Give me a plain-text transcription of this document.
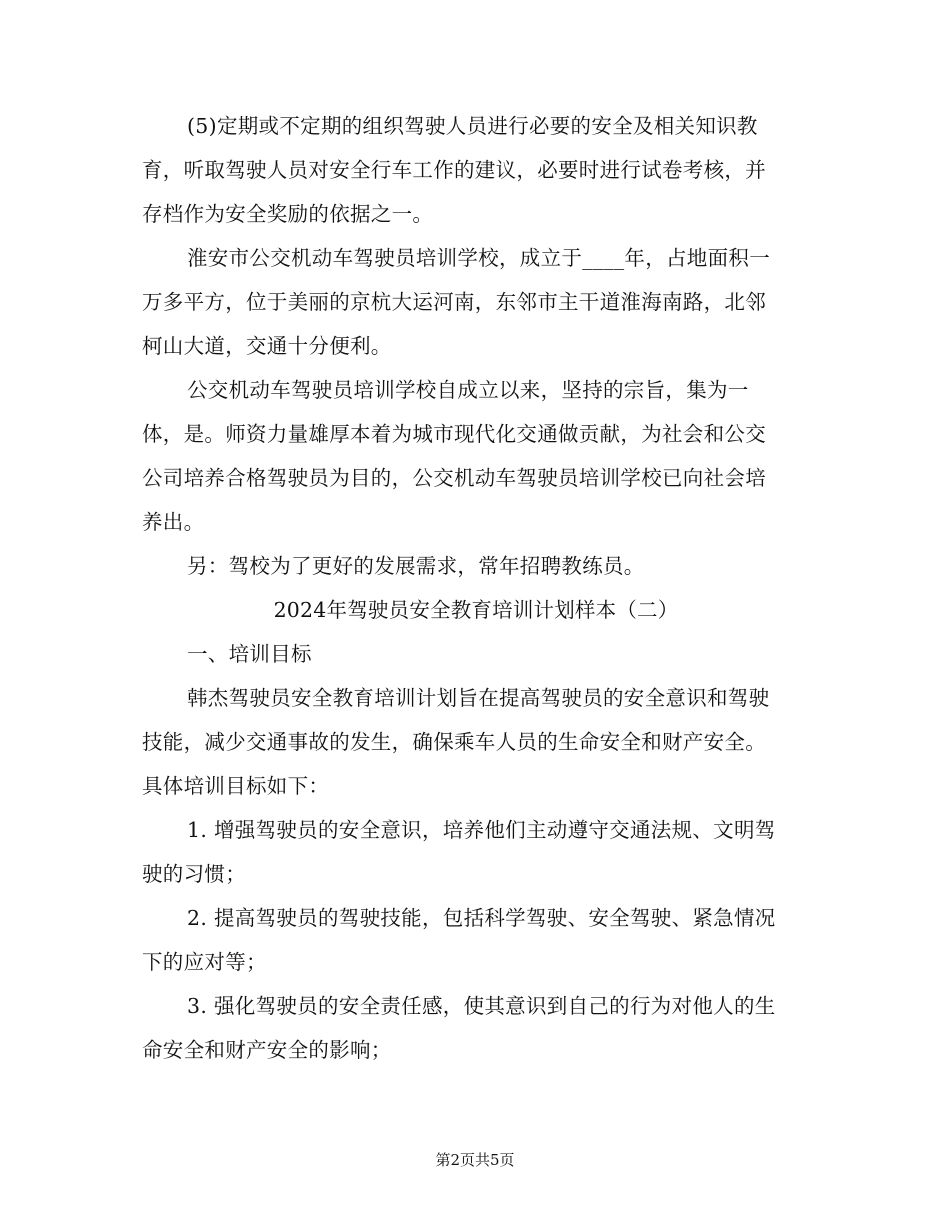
(5)定期或不定期的组织驾驶人员进行必要的安全及相关知识教
育，听取驾驶人员对安全行车工作的建议，必要时进行试卷考核，并
存档作为安全奖励的依据之一。

淮安市公交机动车驾驶员培训学校，成立于____年，占地面积一
万多平方，位于美丽的京杭大运河南，东邻市主干道淮海南路，北邻
柯山大道，交通十分便利。

公交机动车驾驶员培训学校自成立以来，坚持的宗旨，集为一
体，是。师资力量雄厚本着为城市现代化交通做贡献，为社会和公交
公司培养合格驾驶员为目的，公交机动车驾驶员培训学校已向社会培
养出。

另：驾校为了更好的发展需求，常年招聘教练员。

2024年驾驶员安全教育培训计划样本（二）

一、培训目标

韩杰驾驶员安全教育培训计划旨在提高驾驶员的安全意识和驾驶
技能，减少交通事故的发生，确保乘车人员的生命安全和财产安全。
具体培训目标如下：

1. 增强驾驶员的安全意识，培养他们主动遵守交通法规、文明驾
驶的习惯；

2. 提高驾驶员的驾驶技能，包括科学驾驶、安全驾驶、紧急情况
下的应对等；

3. 强化驾驶员的安全责任感，使其意识到自己的行为对他人的生
命安全和财产安全的影响；

第2页共5页
